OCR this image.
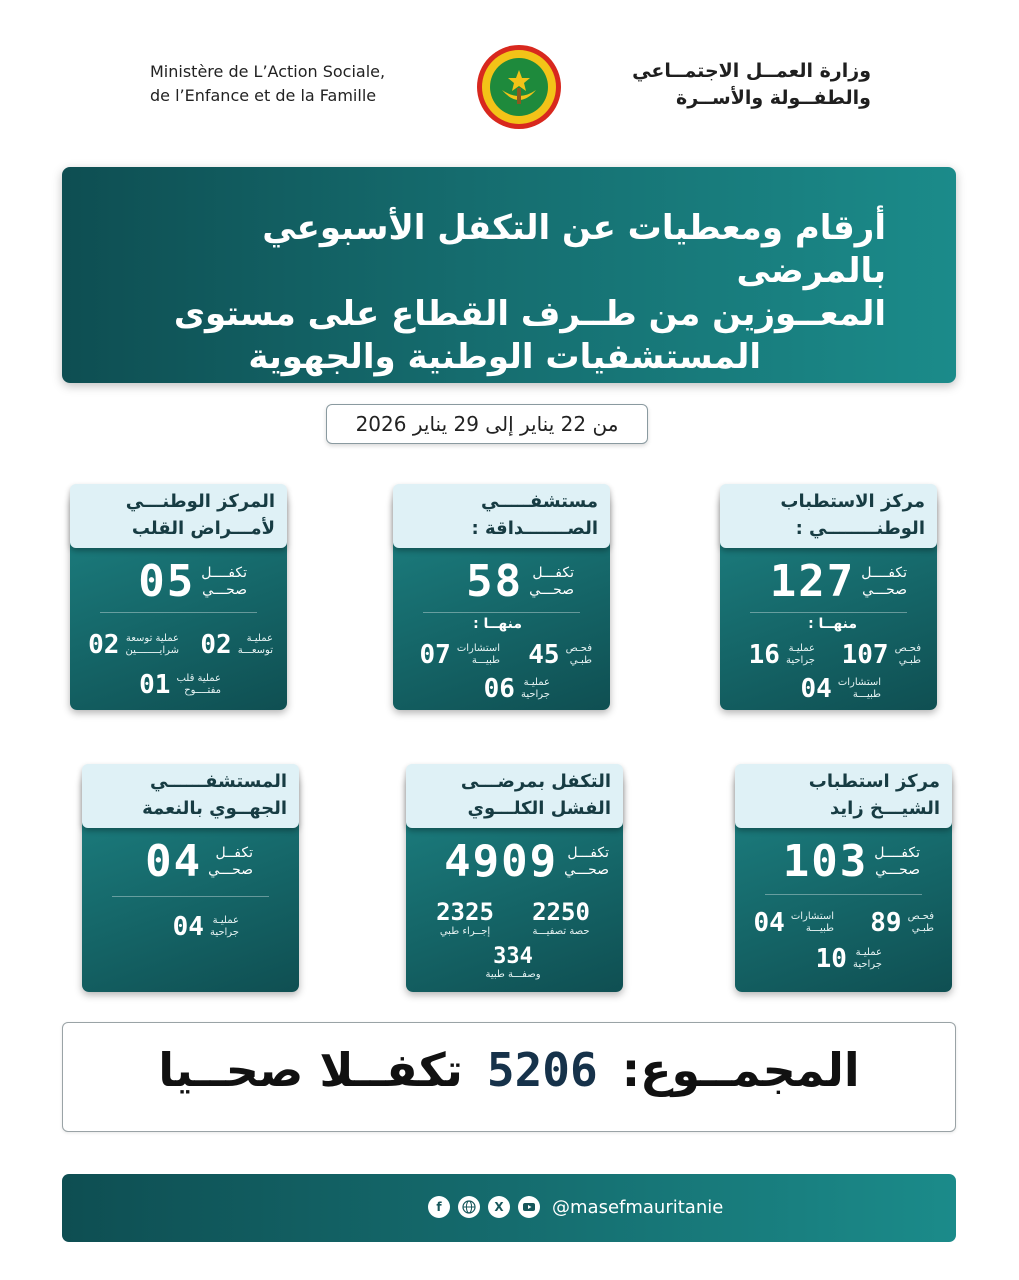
Ministère de L’Action Sociale,
de l’Enfance et de la Famille
وزارة العمــل الاجتمــاعي
والطفــولة والأســرة
أرقام ومعطيات عن التكفل الأسبوعي بالمرضى
المعــوزين من طــرف القطاع على مستوى
المستشفيات الوطنية والجهوية
من 22 يناير إلى 29 يناير 2026
مركز الاستطباب
الوطنــــــــي :
تكفــــل
صحـــي
127
منهــا :
فحـص
طبـي
107
عمليـة
جراحية
16
استشارات
طبيـــة
04
مستشفـــــي
الصـــــــداقة :
تكفـــل
صحـــي
58
منهــا :
فحـص
طبـي
45
استشارات
طبيـــة
07
عمليـة
جراحية
06
المركز الوطنـــي
لأمـــراض القلب
تكفــــل
صحـــي
05
عمليـة
توسعـــة
02
عملية توسعة
شرايــــــــين
02
عملية قلب
مفتــــوح
01
مركز استطباب
الشيـــخ زايد
تكفــــل
صحـــي
103
فحـص
طبـي
89
استشارات
طبيـــة
04
عمليـة
جراحية
10
التكفل بمرضـــى
الفشل الكلـــوي
تكفـــل
صحـــي
4909
2250
حصة تصفيـــة
2325
إجــراء طبي
334
وصفـــة طبية
المستشفــــــي
الجهــوي بالنعمة
تكفــل
صحـــي
04
عمليـة
جراحية
04
المجمــوع: 5206 تكفــلا صحــيا
f	X	@masefmauritanie
